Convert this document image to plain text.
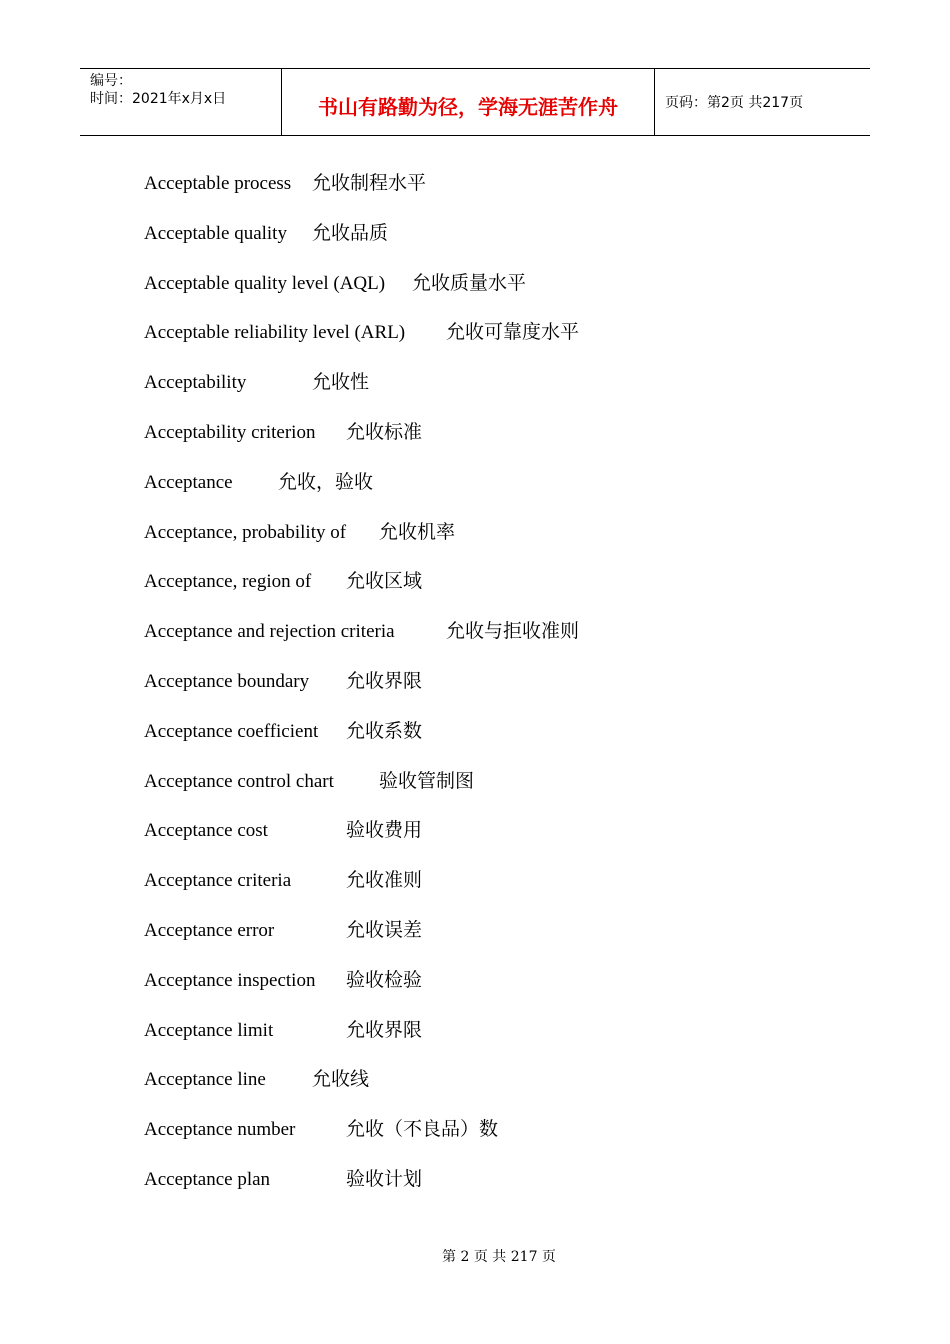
编号：
时间：2021年x月x日	书山有路勤为径，学海无涯苦作舟	页码：第2页 共217页
Acceptable process 允收制程水平
Acceptable quality 允收品质
Acceptable quality level (AQL) 允收质量水平
Acceptable reliability level (ARL) 允收可靠度水平
Acceptability	允收性
Acceptability criterion 允收标准
Acceptance 允收，验收
Acceptance, probability of 允收机率
Acceptance, region of 允收区域
Acceptance and rejection criteria	允收与拒收准则
Acceptance boundary 允收界限
Acceptance coefficient 允收系数
Acceptance control chart 验收管制图
Acceptance cost	验收费用
Acceptance criteria	允收准则
Acceptance error	允收误差
Acceptance inspection 验收检验
Acceptance limit	允收界限
Acceptance line 允收线
Acceptance number	允收（不良品）数
Acceptance plan	验收计划
第 2 页 共 217 页
